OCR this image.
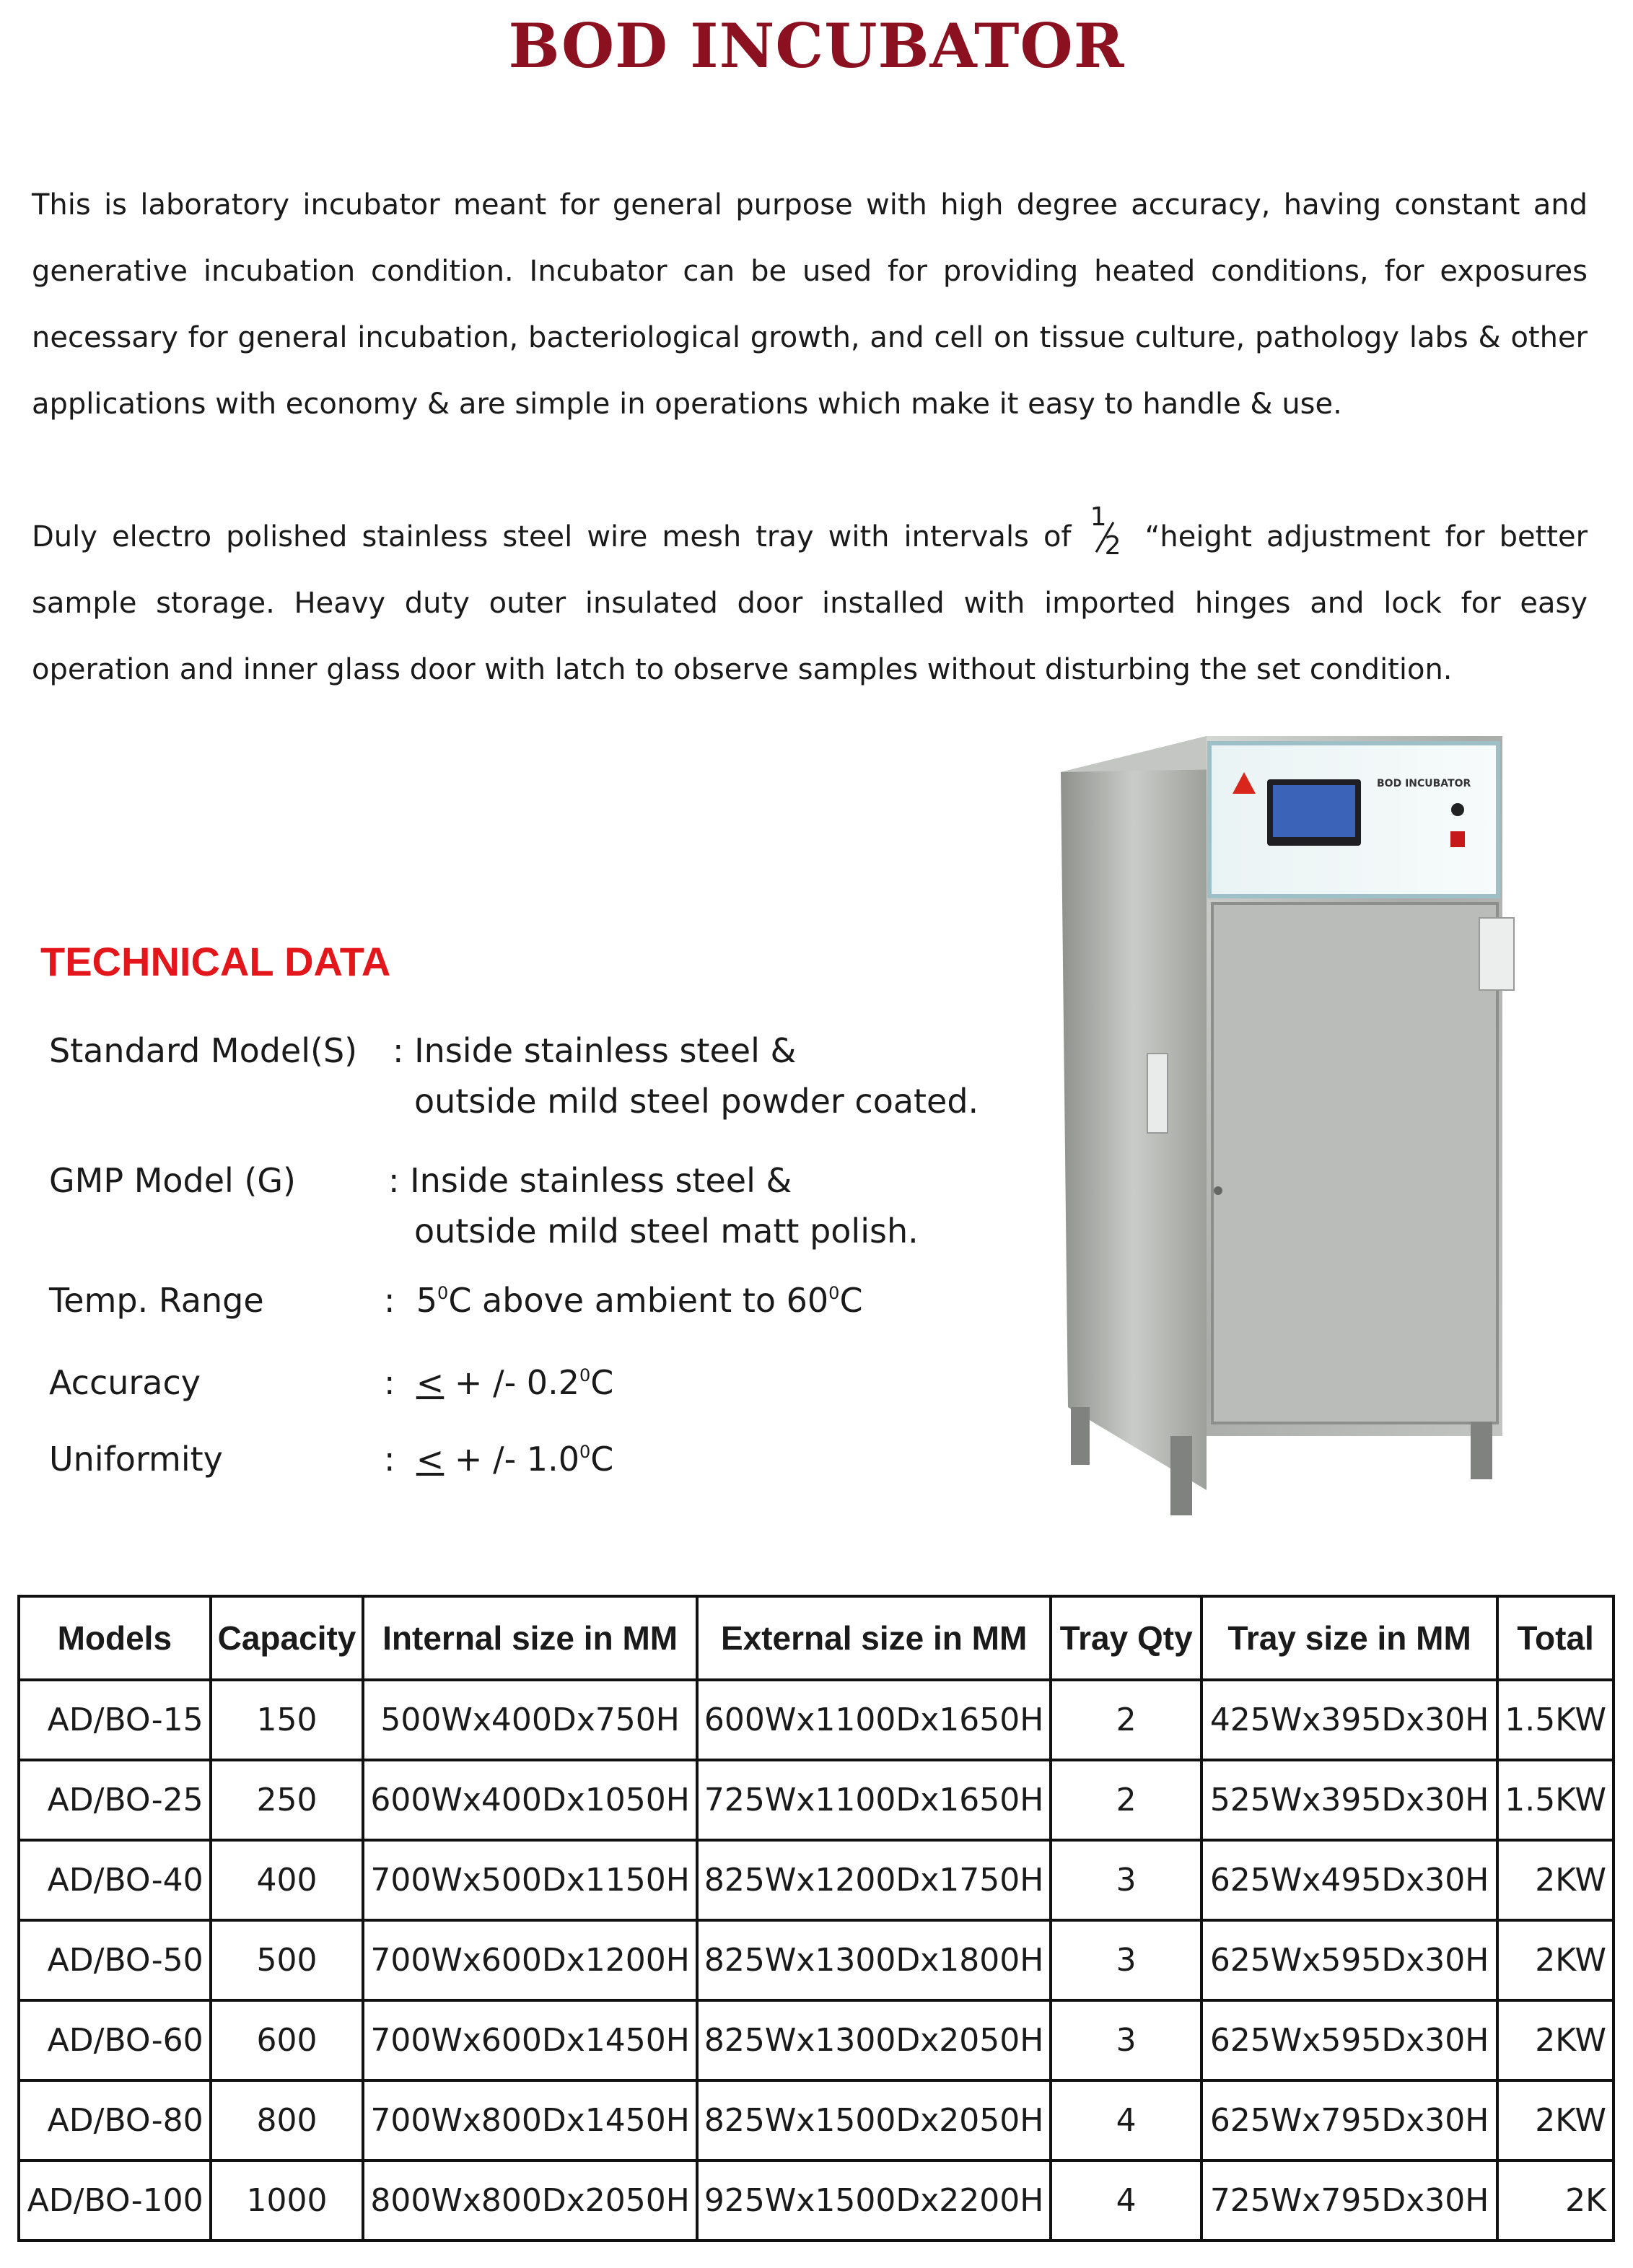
BOD INCUBATOR
This is laboratory incubator meant for general purpose with high degree accuracy, having constant and generative incubation condition. Incubator can be used for providing heated conditions, for exposures necessary for general incubation, bacteriological growth, and cell on tissue culture, pathology labs & other applications with economy & are simple in operations which make it easy to handle & use.
Duly electro polished stainless steel wire mesh tray with intervals of
1
2 “height adjustment for better sample storage. Heavy duty outer insulated door installed with imported hinges and lock for easy operation and inner glass door with latch to observe samples without disturbing the set condition.
TECHNICAL DATA
Standard Model(S) : Inside stainless steel &
outside mild steel powder coated.
GMP Model (G)	: Inside stainless steel &
outside mild steel matt polish.
Temp. Range	: $5^0C$ above ambient to $60^0C$
Accuracy	: < + /- $0.2^0C$
Uniformity	: < + /- $1.0^0C$
BOD INCUBATOR
Models	Capacity	Internal size in MM	External size in MM	Tray Qty	Tray size in MM	Total
AD/BO-15	150	500Wx400Dx750H	600Wx1100Dx1650H	2	425Wx395Dx30H	1.5KW
AD/BO-25	250	600Wx400Dx1050H	725Wx1100Dx1650H	2	525Wx395Dx30H	1.5KW
AD/BO-40	400	700Wx500Dx1150H	825Wx1200Dx1750H	3	625Wx495Dx30H	2KW
AD/BO-50	500	700Wx600Dx1200H	825Wx1300Dx1800H	3	625Wx595Dx30H	2KW
AD/BO-60	600	700Wx600Dx1450H	825Wx1300Dx2050H	3	625Wx595Dx30H	2KW
AD/BO-80	800	700Wx800Dx1450H	825Wx1500Dx2050H	4	625Wx795Dx30H	2KW
AD/BO-100	1000	800Wx800Dx2050H	925Wx1500Dx2200H	4	725Wx795Dx30H	2K
